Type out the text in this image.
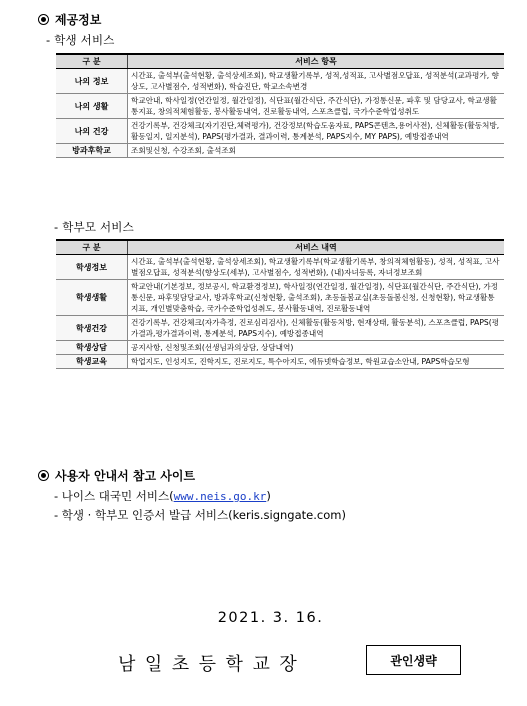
제공정보
- 학생 서비스
구 분	서비스 항목
나의 정보	시간표, 출석부(출석현황, 출석상세조회), 학교생활기록부, 성적,성적표, 고사별점오답표, 성적분석(교과평가, 향상도, 고사별점수, 성적변화), 학습진단, 학교소속변경
나의 생활	학교안내, 학사일정(연간일정, 월간일정), 식단표(월간식단, 주간식단), 가정통신문, 파후 및 담당교사, 학교생활통지표, 창의적체험활동, 봉사활동내역, 진로활동내역, 스포츠클럽, 국가수준학업성취도
나의 건강	건강기록부, 건강체크(자기진단,체력평가), 건강정보(학습도움자료, PAPS콘텐츠,용어사전), 신체활동(활동처방, 활동일지, 일지분석), PAPS(평가결과, 결과이력, 통계분석, PAPS지수, MY PAPS), 예방접종내역
방과후학교	조회및신청, 수강조회, 출석조회
- 학부모 서비스
구 분	서비스 내역
학생정보	시간표, 출석부(출석현황, 출석상세조회), 학교생활기록부(학교생활기록부, 창의적체험활동), 성적, 성적표, 고사별점오답표, 성적분석(향상도(세부), 고사별점수, 성적변화), (내)자녀등록, 자녀정보조회
학생생활	학교안내(기본정보, 정보공시, 학교환경정보), 학사일정(연간일정, 월간일정), 식단표(월간식단, 주간식단), 가정통신문, 파후및담당교사, 방과후학교(신청현황, 출석조회), 초등돌봄교실(초등돌봄신청, 신청현황), 학교생활통지표, 개인별맞춤학습, 국가수준학업성취도, 봉사활동내역, 진로활동내역
학생건강	건강기록부, 건강체크(자가측정, 진로심리검사), 신체활동(활동처방, 현재상태, 활동분석), 스포츠클럽, PAPS(평가결과,평가결과이력, 통계분석, PAPS지수), 예방접종내역
학생상담	공지사항, 신청및조회(선생님과의상담, 상담내역)
학생교육	학업지도, 인성지도, 진학지도, 진로지도, 특수아지도, 에듀넷학습정보, 학원교습소안내, PAPS학습모형
사용자 안내서 참고 사이트
- 나이스 대국민 서비스(www.neis.go.kr)
- 학생 · 학부모 인증서 발급 서비스(keris.signgate.com)
2021. 3. 16.
남일초등학교장	관인생략
